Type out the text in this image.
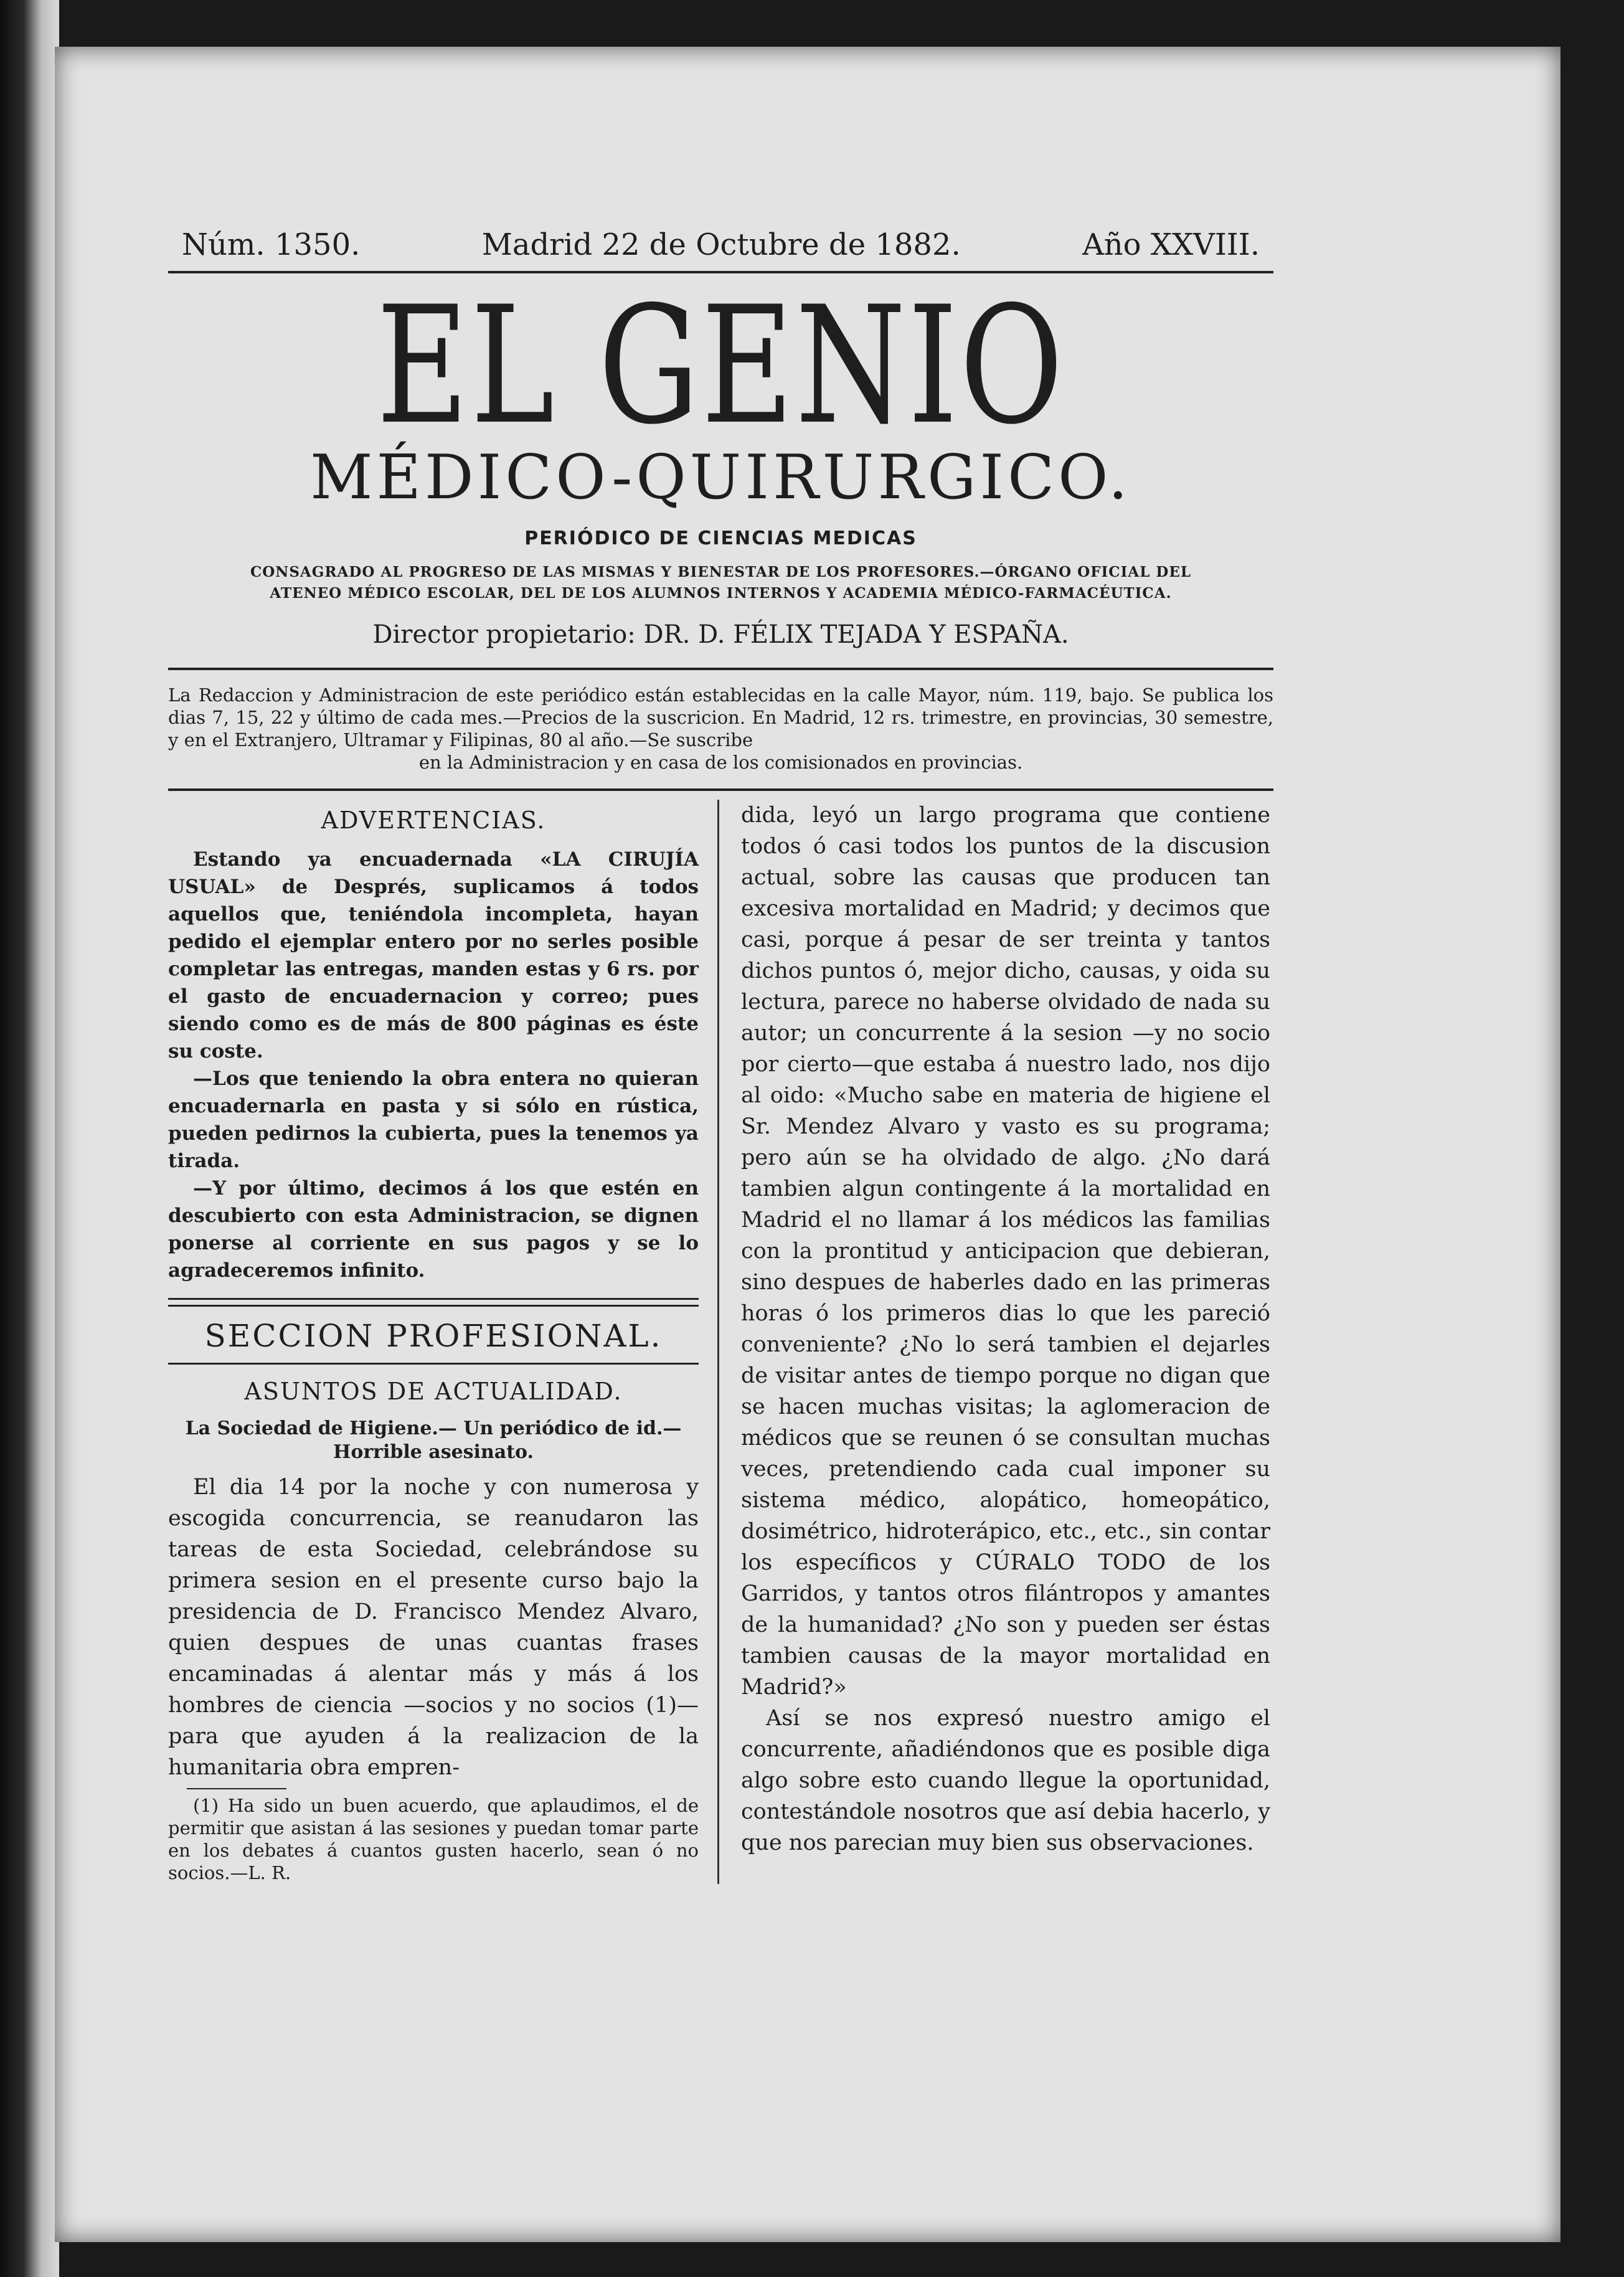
Núm. 1350.	Madrid 22 de Octubre de 1882.	Año XXVIII.
EL GENIO
MÉDICO-QUIRURGICO.
PERIÓDICO DE CIENCIAS MEDICAS
CONSAGRADO AL PROGRESO DE LAS MISMAS Y BIENESTAR DE LOS PROFESORES.—ÓRGANO OFICIAL DEL
ATENEO MÉDICO ESCOLAR, DEL DE LOS ALUMNOS INTERNOS Y ACADEMIA MÉDICO-FARMACÉUTICA.
Director propietario: DR. D. FÉLIX TEJADA Y ESPAÑA.
La Redaccion y Administracion de este periódico están establecidas en la calle Mayor, núm. 119, bajo. Se publica los dias 7, 15, 22 y último de cada mes.—Precios de la suscricion. En Madrid, 12 rs. trimestre, en provincias, 30 semestre, y en el Extranjero, Ultramar y Filipinas, 80 al año.—Se suscribe
en la Administracion y en casa de los comisionados en provincias.
ADVERTENCIAS.

Estando ya encuadernada «LA CIRUJÍA USUAL» de Després, suplicamos á todos aquellos que, teniéndola incompleta, hayan pedido el ejemplar entero por no serles posible completar las entregas, manden estas y 6 rs. por el gasto de encuadernacion y correo; pues siendo como es de más de 800 páginas es éste su coste.

—Los que teniendo la obra entera no quieran encuadernarla en pasta y si sólo en rústica, pueden pedirnos la cubierta, pues la tenemos ya tirada.

—Y por último, decimos á los que estén en descubierto con esta Administracion, se dignen ponerse al corriente en sus pagos y se lo agradeceremos infinito.

SECCION PROFESIONAL.
ASUNTOS DE ACTUALIDAD.
La Sociedad de Higiene.— Un periódico de id.— Horrible asesinato.

El dia 14 por la noche y con numerosa y escogida concurrencia, se reanudaron las tareas de esta Sociedad, celebrándose su primera sesion en el presente curso bajo la presidencia de D. Francisco Mendez Alvaro, quien despues de unas cuantas frases encaminadas á alentar más y más á los hombres de ciencia —socios y no socios (1)—para que ayuden á la realizacion de la humanitaria obra empren-

(1) Ha sido un buen acuerdo, que aplaudimos, el de permitir que asistan á las sesiones y puedan tomar parte en los debates á cuantos gusten hacerlo, sean ó no socios.—L. R.

dida, leyó un largo programa que contiene todos ó casi todos los puntos de la discusion actual, sobre las causas que producen tan excesiva mortalidad en Madrid; y decimos que casi, porque á pesar de ser treinta y tantos dichos puntos ó, mejor dicho, causas, y oida su lectura, parece no haberse olvidado de nada su autor; un concurrente á la sesion —y no socio por cierto—que estaba á nuestro lado, nos dijo al oido: «Mucho sabe en materia de higiene el Sr. Mendez Alvaro y vasto es su programa; pero aún se ha olvidado de algo. ¿No dará tambien algun contingente á la mortalidad en Madrid el no llamar á los médicos las familias con la prontitud y anticipacion que debieran, sino despues de haberles dado en las primeras horas ó los primeros dias lo que les pareció conveniente? ¿No lo será tambien el dejarles de visitar antes de tiempo porque no digan que se hacen muchas visitas; la aglomeracion de médicos que se reunen ó se consultan muchas veces, pretendiendo cada cual imponer su sistema médico, alopático, homeopático, dosimétrico, hidroterápico, etc., etc., sin contar los específicos y CÚRALO TODO de los Garridos, y tantos otros filántropos y amantes de la humanidad? ¿No son y pueden ser éstas tambien causas de la mayor mortalidad en Madrid?»

Así se nos expresó nuestro amigo el concurrente, añadiéndonos que es posible diga algo sobre esto cuando llegue la oportunidad, contestándole nosotros que así debia hacerlo, y que nos parecian muy bien sus observaciones.
